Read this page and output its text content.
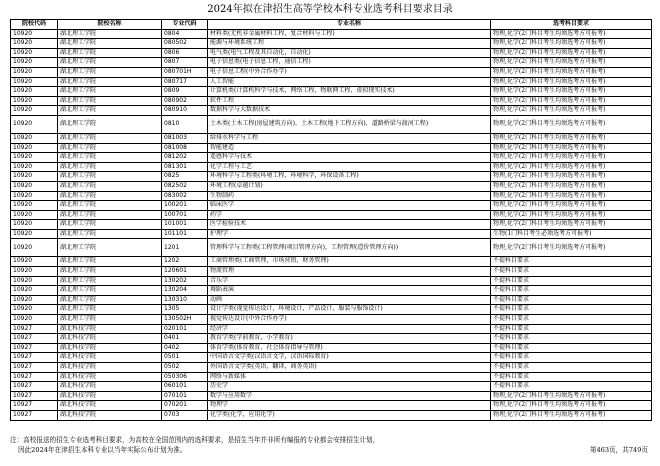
2024年拟在津招生高等学校本科专业选考科目要求目录
院校代码	院校名称	专业代码	专业名称	选考科目要求
10920	湖北理工学院	0804	材料类(无机非金属材料工程，复合材料与工程)	物理,化学(2门科目考生均须选考方可报考)
10920	湖北理工学院	080502	能源与环境系统工程	物理,化学(2门科目考生均须选考方可报考)
10920	湖北理工学院	0806	电气类(电气工程及其自动化，自动化)	物理,化学(2门科目考生均须选考方可报考)
10920	湖北理工学院	0807	电子信息类(电子信息工程，通信工程)	物理,化学(2门科目考生均须选考方可报考)
10920	湖北理工学院	080701H	电子信息工程(中外合作办学)	物理,化学(2门科目考生均须选考方可报考)
10920	湖北理工学院	080717	人工智能	物理,化学(2门科目考生均须选考方可报考)
10920	湖北理工学院	0809	计算机类(计算机科学与技术，网络工程，物联网工程，虚拟现实技术)	物理,化学(2门科目考生均须选考方可报考)
10920	湖北理工学院	080902	软件工程	物理,化学(2门科目考生均须选考方可报考)
10920	湖北理工学院	080910	数据科学与大数据技术	物理,化学(2门科目考生均须选考方可报考)
10920	湖北理工学院	0810	土木类(土木工程(房屋建筑方向)，土木工程(地下工程方向)，道路桥梁与渡河工程)	物理,化学(2门科目考生均须选考方可报考)
10920	湖北理工学院	081003	给排水科学与工程	物理,化学(2门科目考生均须选考方可报考)
10920	湖北理工学院	081008	智能建造	物理,化学(2门科目考生均须选考方可报考)
10920	湖北理工学院	081202	遥感科学与技术	物理,化学(2门科目考生均须选考方可报考)
10920	湖北理工学院	081301	化学工程与工艺	物理,化学(2门科目考生均须选考方可报考)
10920	湖北理工学院	0825	环境科学与工程类(环境工程，环境科学，环保设备工程)	物理,化学(2门科目考生均须选考方可报考)
10920	湖北理工学院	082502	环境工程(卓越计划)	物理,化学(2门科目考生均须选考方可报考)
10920	湖北理工学院	083002	生物制药	物理,化学(2门科目考生均须选考方可报考)
10920	湖北理工学院	100201	临床医学	物理,化学(2门科目考生均须选考方可报考)
10920	湖北理工学院	100701	药学	物理,化学(2门科目考生均须选考方可报考)
10920	湖北理工学院	101001	医学检验技术	物理,化学(2门科目考生均须选考方可报考)
10920	湖北理工学院	101101	护理学	生物(1门科目考生必须选考方可报考)
10920	湖北理工学院	1201	管理科学与工程类(工程管理(项目管理方向)，工程管理(造价管理方向))	物理,化学(2门科目考生均须选考方可报考)
10920	湖北理工学院	1202	工商管理类(工商管理，市场营销，财务管理)	不提科目要求
10920	湖北理工学院	120601	物流管理	不提科目要求
10920	湖北理工学院	130202	音乐学	不提科目要求
10920	湖北理工学院	130204	舞蹈表演	不提科目要求
10920	湖北理工学院	130310	动画	不提科目要求
10920	湖北理工学院	1305	设计学类(视觉传达设计，环境设计，产品设计，服装与服饰设计)	不提科目要求
10920	湖北理工学院	130502H	视觉传达设计(中外合作办学)	不提科目要求
10927	湖北科技学院	020101	经济学	不提科目要求
10927	湖北科技学院	0401	教育学类(学前教育，小学教育)	不提科目要求
10927	湖北科技学院	0402	体育学类(体育教育，社会体育指导与管理)	不提科目要求
10927	湖北科技学院	0501	中国语言文学类(汉语言文学，汉语国际教育)	不提科目要求
10927	湖北科技学院	0502	外国语言文学类(英语，翻译，商务英语)	不提科目要求
10927	湖北科技学院	050306	网络与新媒体	不提科目要求
10927	湖北科技学院	060101	历史学	不提科目要求
10927	湖北科技学院	070101	数学与应用数学	物理,化学(2门科目考生均须选考方可报考)
10927	湖北科技学院	070201	物理学	物理,化学(2门科目考生均须选考方可报考)
10927	湖北科技学院	0703	化学类(化学，应用化学)	物理,化学(2门科目考生均须选考方可报考)
注：高校报送的招生专业选考科目要求，为高校在全国范围内的选科要求，是招生当年并非所有编报的专业都会安排招生计划，
因此2024年在津招生本科专业以当年实际公布计划为准。	第463页，共749页
